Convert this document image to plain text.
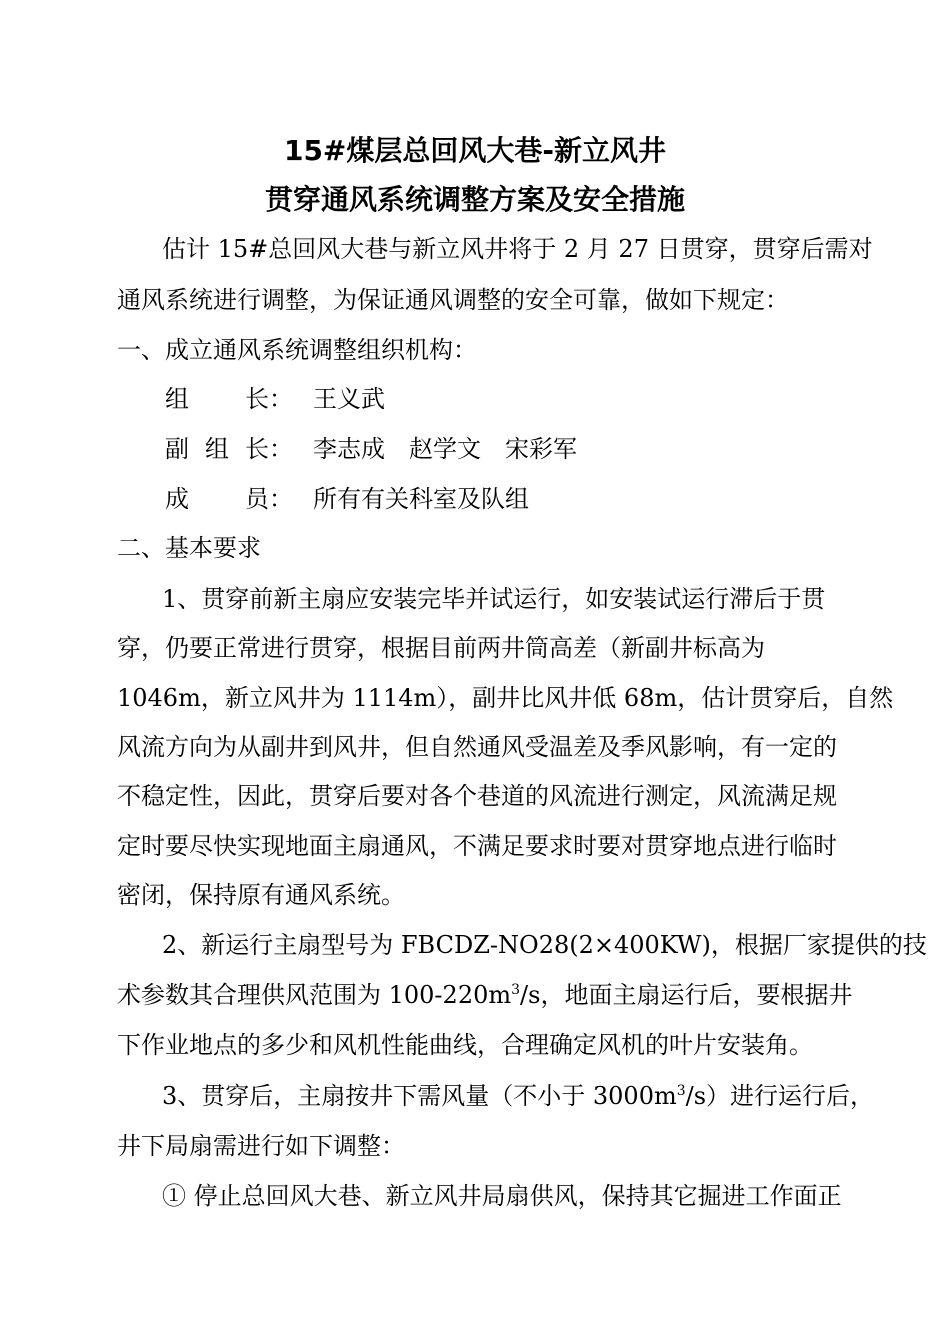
15#煤层总回风大巷-新立风井
贯穿通风系统调整方案及安全措施
估计 15#总回风大巷与新立风井将于 2 月 27 日贯穿，贯穿后需对
通风系统进行调整，为保证通风调整的安全可靠，做如下规定：
一、成立通风系统调整组织机构：
组 长： 王义武
副 组 长： 李志成　赵学文　宋彩军
成 员： 所有有关科室及队组
二、基本要求
1、贯穿前新主扇应安装完毕并试运行，如安装试运行滞后于贯
穿，仍要正常进行贯穿，根据目前两井筒高差（新副井标高为
1046m，新立风井为 1114m），副井比风井低 68m，估计贯穿后，自然
风流方向为从副井到风井，但自然通风受温差及季风影响，有一定的
不稳定性，因此，贯穿后要对各个巷道的风流进行测定，风流满足规
定时要尽快实现地面主扇通风，不满足要求时要对贯穿地点进行临时
密闭，保持原有通风系统。
2、新运行主扇型号为 FBCDZ-NO28(2×400KW)，根据厂家提供的技
术参数其合理供风范围为 $100-220m^3/s$，地面主扇运行后，要根据井
下作业地点的多少和风机性能曲线，合理确定风机的叶片安装角。
3、贯穿后，主扇按井下需风量（不小于 $3000m^3/s$）进行运行后，
井下局扇需进行如下调整：
① 停止总回风大巷、新立风井局扇供风，保持其它掘进工作面正
